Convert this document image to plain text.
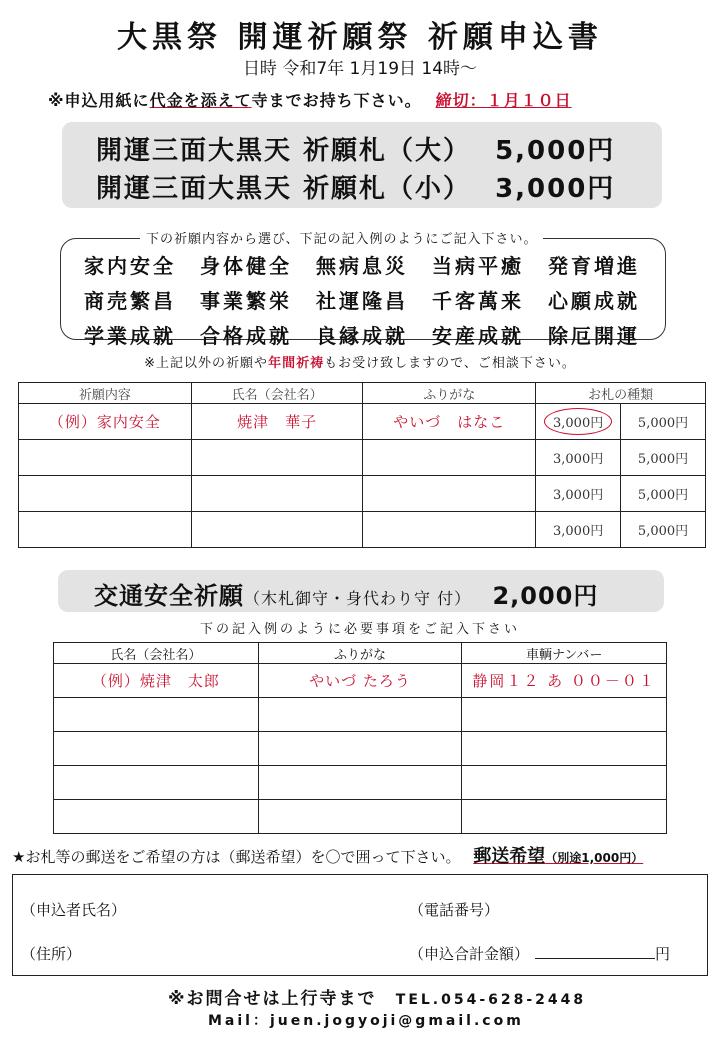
大黒祭 開運祈願祭 祈願申込書
日時 令和7年 1月19日 14時～
※申込用紙に代金を添えて寺までお持ち下さい。 締切：１月１０日
開運三面大黒天 祈願札（大） 5,000円
開運三面大黒天 祈願札（小） 3,000円
下の祈願内容から選び、下記の記入例のようにご記入下さい。
家内安全	身体健全	無病息災	当病平癒	発育増進
商売繁昌	事業繁栄	社運隆昌	千客萬来	心願成就
学業成就	合格成就	良縁成就	安産成就	除厄開運
※上記以外の祈願や年間祈祷もお受け致しますので、ご相談下さい。
祈願内容	氏名（会社名）	ふりがな	お札の種類	
（例）家内安全	焼津　華子	やいづ　はなこ	3,000円	5,000円
			3,000円	5,000円
			3,000円	5,000円
			3,000円	5,000円
交通安全祈願（木札御守・身代わり守 付） 2,000円
下の記入例のように必要事項をご記入下さい
氏名（会社名）	ふりがな	車輌ナンバー
（例）焼津　太郎	やいづ たろう	静岡１２ あ ００－０１

★お札等の郵送をご希望の方は（郵送希望）を〇で囲って下さい。 郵送希望（別途1,000円）
（申込者氏名）	（電話番号）
（住所）	（申込合計金額）	円
※お問合せは上行寺まで TEL.054-628-2448
Mail：juen.jogyoji@gmail.com
